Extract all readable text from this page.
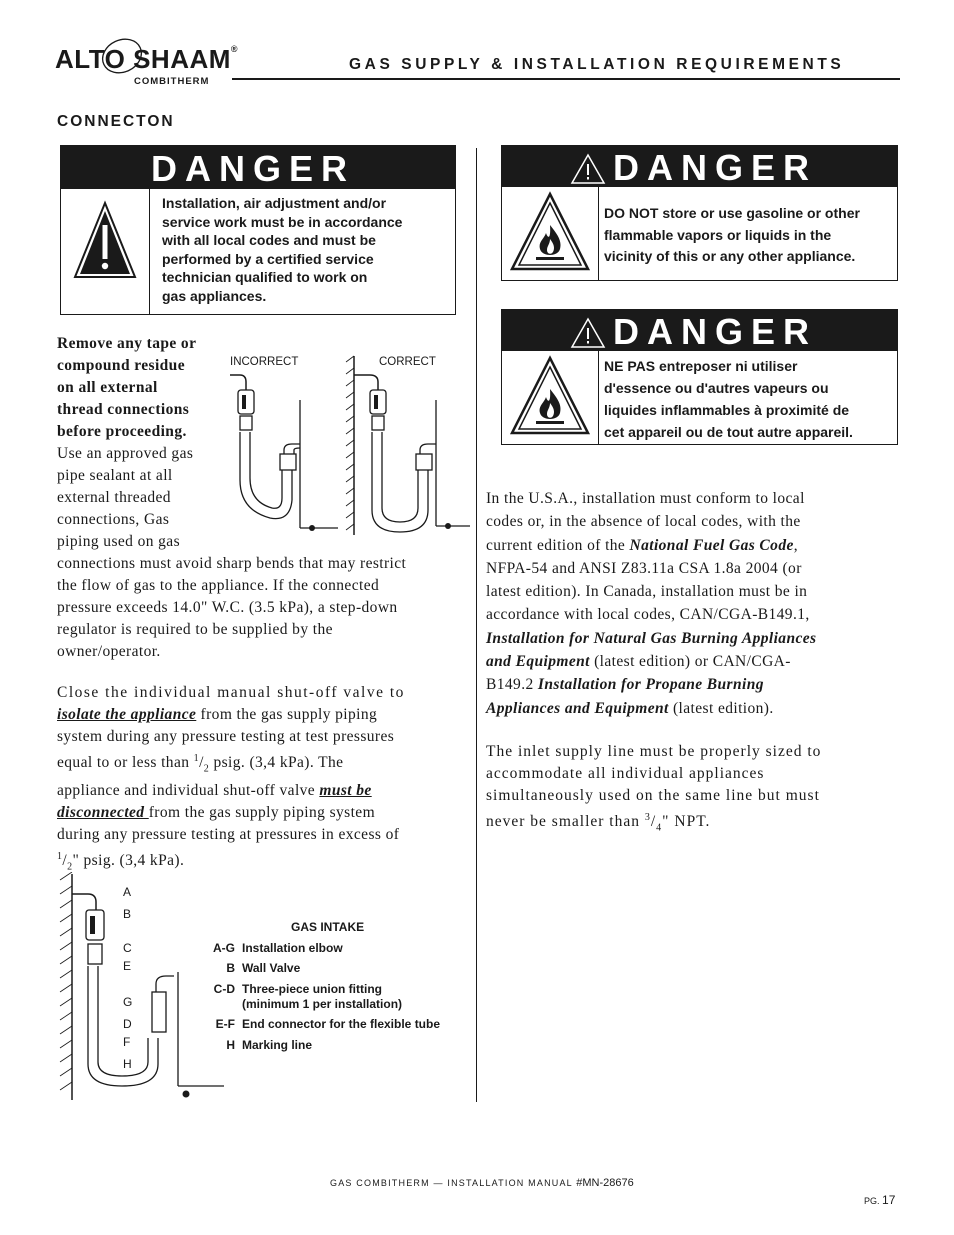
ALTO SHAAM®
COMBITHERM
GAS SUPPLY & INSTALLATION REQUIREMENTS
CONNECTON
DANGER
Installation, air adjustment and/or
service work must be in accordance
with all local codes and must be
performed by a certified service
technician qualified to work on
gas appliances.
DANGER
DO NOT store or use gasoline or other
flammable vapors or liquids in the
vicinity of this or any other appliance.
DANGER
NE PAS entreposer ni utiliser
d'essence ou d'autres vapeurs ou
liquides inflammables à proximité de
cet appareil ou de tout autre appareil.
Remove any tape or
compound residue
on all external
thread connections
before proceeding.
Use an approved gas
pipe sealant at all
external threaded
connections, Gas
piping used on gas
connections must avoid sharp bends that may restrict
the flow of gas to the appliance. If the connected
pressure exceeds 14.0" W.C. (3.5 kPa), a step-down
regulator is required to be supplied by the
owner/operator.
Close the individual manual shut-off valve to
isolate the appliance from the gas supply piping
system during any pressure testing at test pressures
equal to or less than $^1/_2$ psig. (3,4 kPa). The
appliance and individual shut-off valve must be
disconnected from the gas supply piping system
during any pressure testing at pressures in excess of
$^1/_2$" psig. (3,4 kPa).
INCORRECT	CORRECT
A
B
C
E
G
D
F
H
GAS INTAKE
A-G Installation elbow
B Wall Valve
C-D Three-piece union fitting
(minimum 1 per installation)
E-F End connector for the flexible tube
H Marking line
In the U.S.A., installation must conform to local
codes or, in the absence of local codes, with the
current edition of the National Fuel Gas Code,
NFPA-54 and ANSI Z83.11a CSA 1.8a 2004 (or
latest edition). In Canada, installation must be in
accordance with local codes, CAN/CGA-B149.1,
Installation for Natural Gas Burning Appliances
and Equipment (latest edition) or CAN/CGA-
B149.2 Installation for Propane Burning
Appliances and Equipment (latest edition).
The inlet supply line must be properly sized to
accommodate all individual appliances
simultaneously used on the same line but must
never be smaller than $^3/_4$" NPT.
GAS COMBITHERM — INSTALLATION MANUAL #MN-28676
PG. 17
